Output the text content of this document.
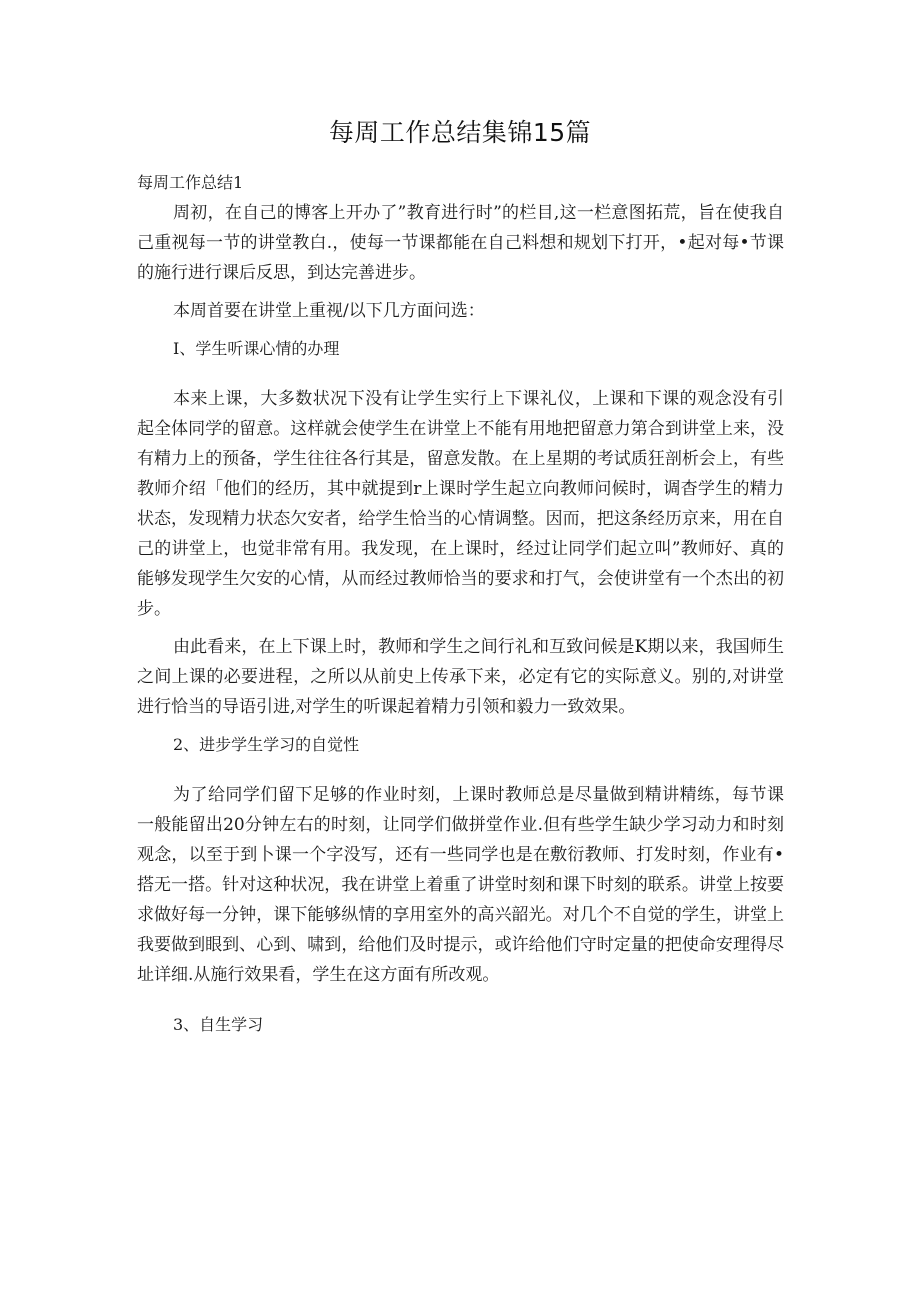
每周工作总结集锦15篇

每周工作总结1

周初，在自己的博客上开办了”教育进行时”的栏目,这一栏意图拓荒，旨在使我自己重视每一节的讲堂教白.，使每一节课都能在自己料想和规划下打开，•起对每•节课的施行进行课后反思，到达完善进步。

本周首要在讲堂上重视/以下几方面问选：

I、学生听课心情的办理

本来上课，大多数状况下没有让学生实行上下课礼仪，上课和下课的观念没有引起全体同学的留意。这样就会使学生在讲堂上不能有用地把留意力第合到讲堂上来，没有精力上的预备，学生往往各行其是，留意发散。在上星期的考试质狂剖析会上，有些教师介绍「他们的经历，其中就提到r上课时学生起立向教师问候时，调杳学生的精力状态，发现精力状态欠安者，给学生恰当的心情调整。因而，把这条经历京来，用在自己的讲堂上，也觉非常有用。我发现，在上课时，经过让同学们起立叫”教师好、真的能够发现学生欠安的心情，从而经过教师恰当的要求和打气，会使讲堂有一个杰出的初步。

由此看来，在上下课上时，教师和学生之间行礼和互致问候是K期以来，我国师生之间上课的必要进程，之所以从前史上传承下来，必定有它的实际意义。别的,对讲堂进行恰当的导语引进,对学生的听课起着精力引领和毅力一致效果。

2、进步学生学习的自觉性

为了给同学们留下足够的作业时刻，上课时教师总是尽量做到精讲精练，每节课一般能留出20分钟左右的时刻，让同学们做拼堂作业.但有些学生缺少学习动力和时刻观念，以至于到卜课一个字没写，还有一些同学也是在敷衍教师、打发时刻，作业有•搭无一搭。针对这种状况，我在讲堂上着重了讲堂时刻和课下时刻的联系。讲堂上按要求做好每一分钟，课下能够纵情的享用室外的高兴韶光。对几个不自觉的学生，讲堂上我要做到眼到、心到、啸到，给他们及时提示，或许给他们守时定量的把使命安理得尽址详细.从施行效果看，学生在这方面有所改观。

3、自生学习
